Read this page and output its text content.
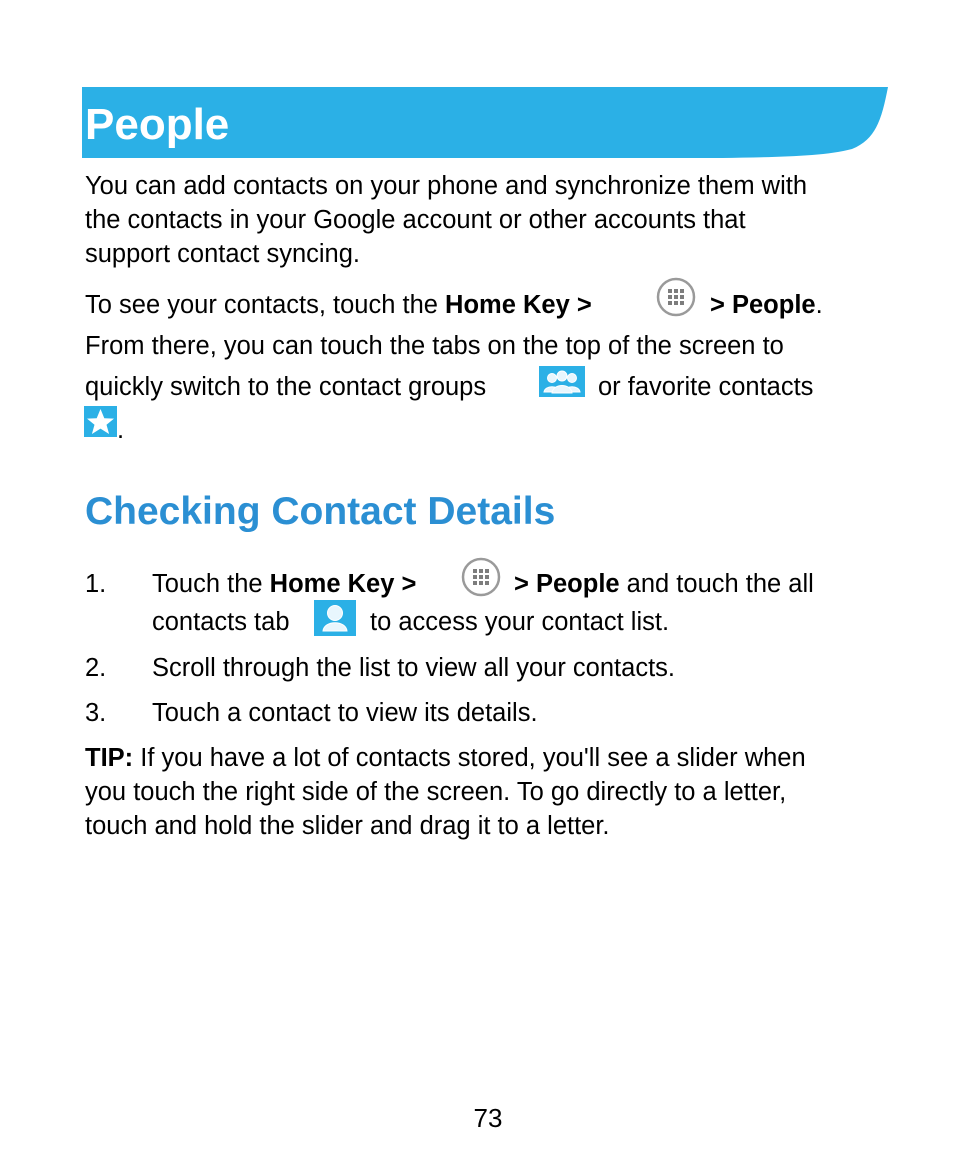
People

You can add contacts on your phone and synchronize them with

the contacts in your Google account or other accounts that

support contact syncing.

To see your contacts, touch the Home Key >	> People.

From there, you can touch the tabs on the top of the screen to

quickly switch to the contact groups	or favorite contacts

.

Checking Contact Details

1. Touch the Home Key >	> People and touch the all

contacts tab	to access your contact list.

2. Scroll through the list to view all your contacts.

3. Touch a contact to view its details.

TIP: If you have a lot of contacts stored, you'll see a slider when

you touch the right side of the screen. To go directly to a letter,

touch and hold the slider and drag it to a letter.

73
